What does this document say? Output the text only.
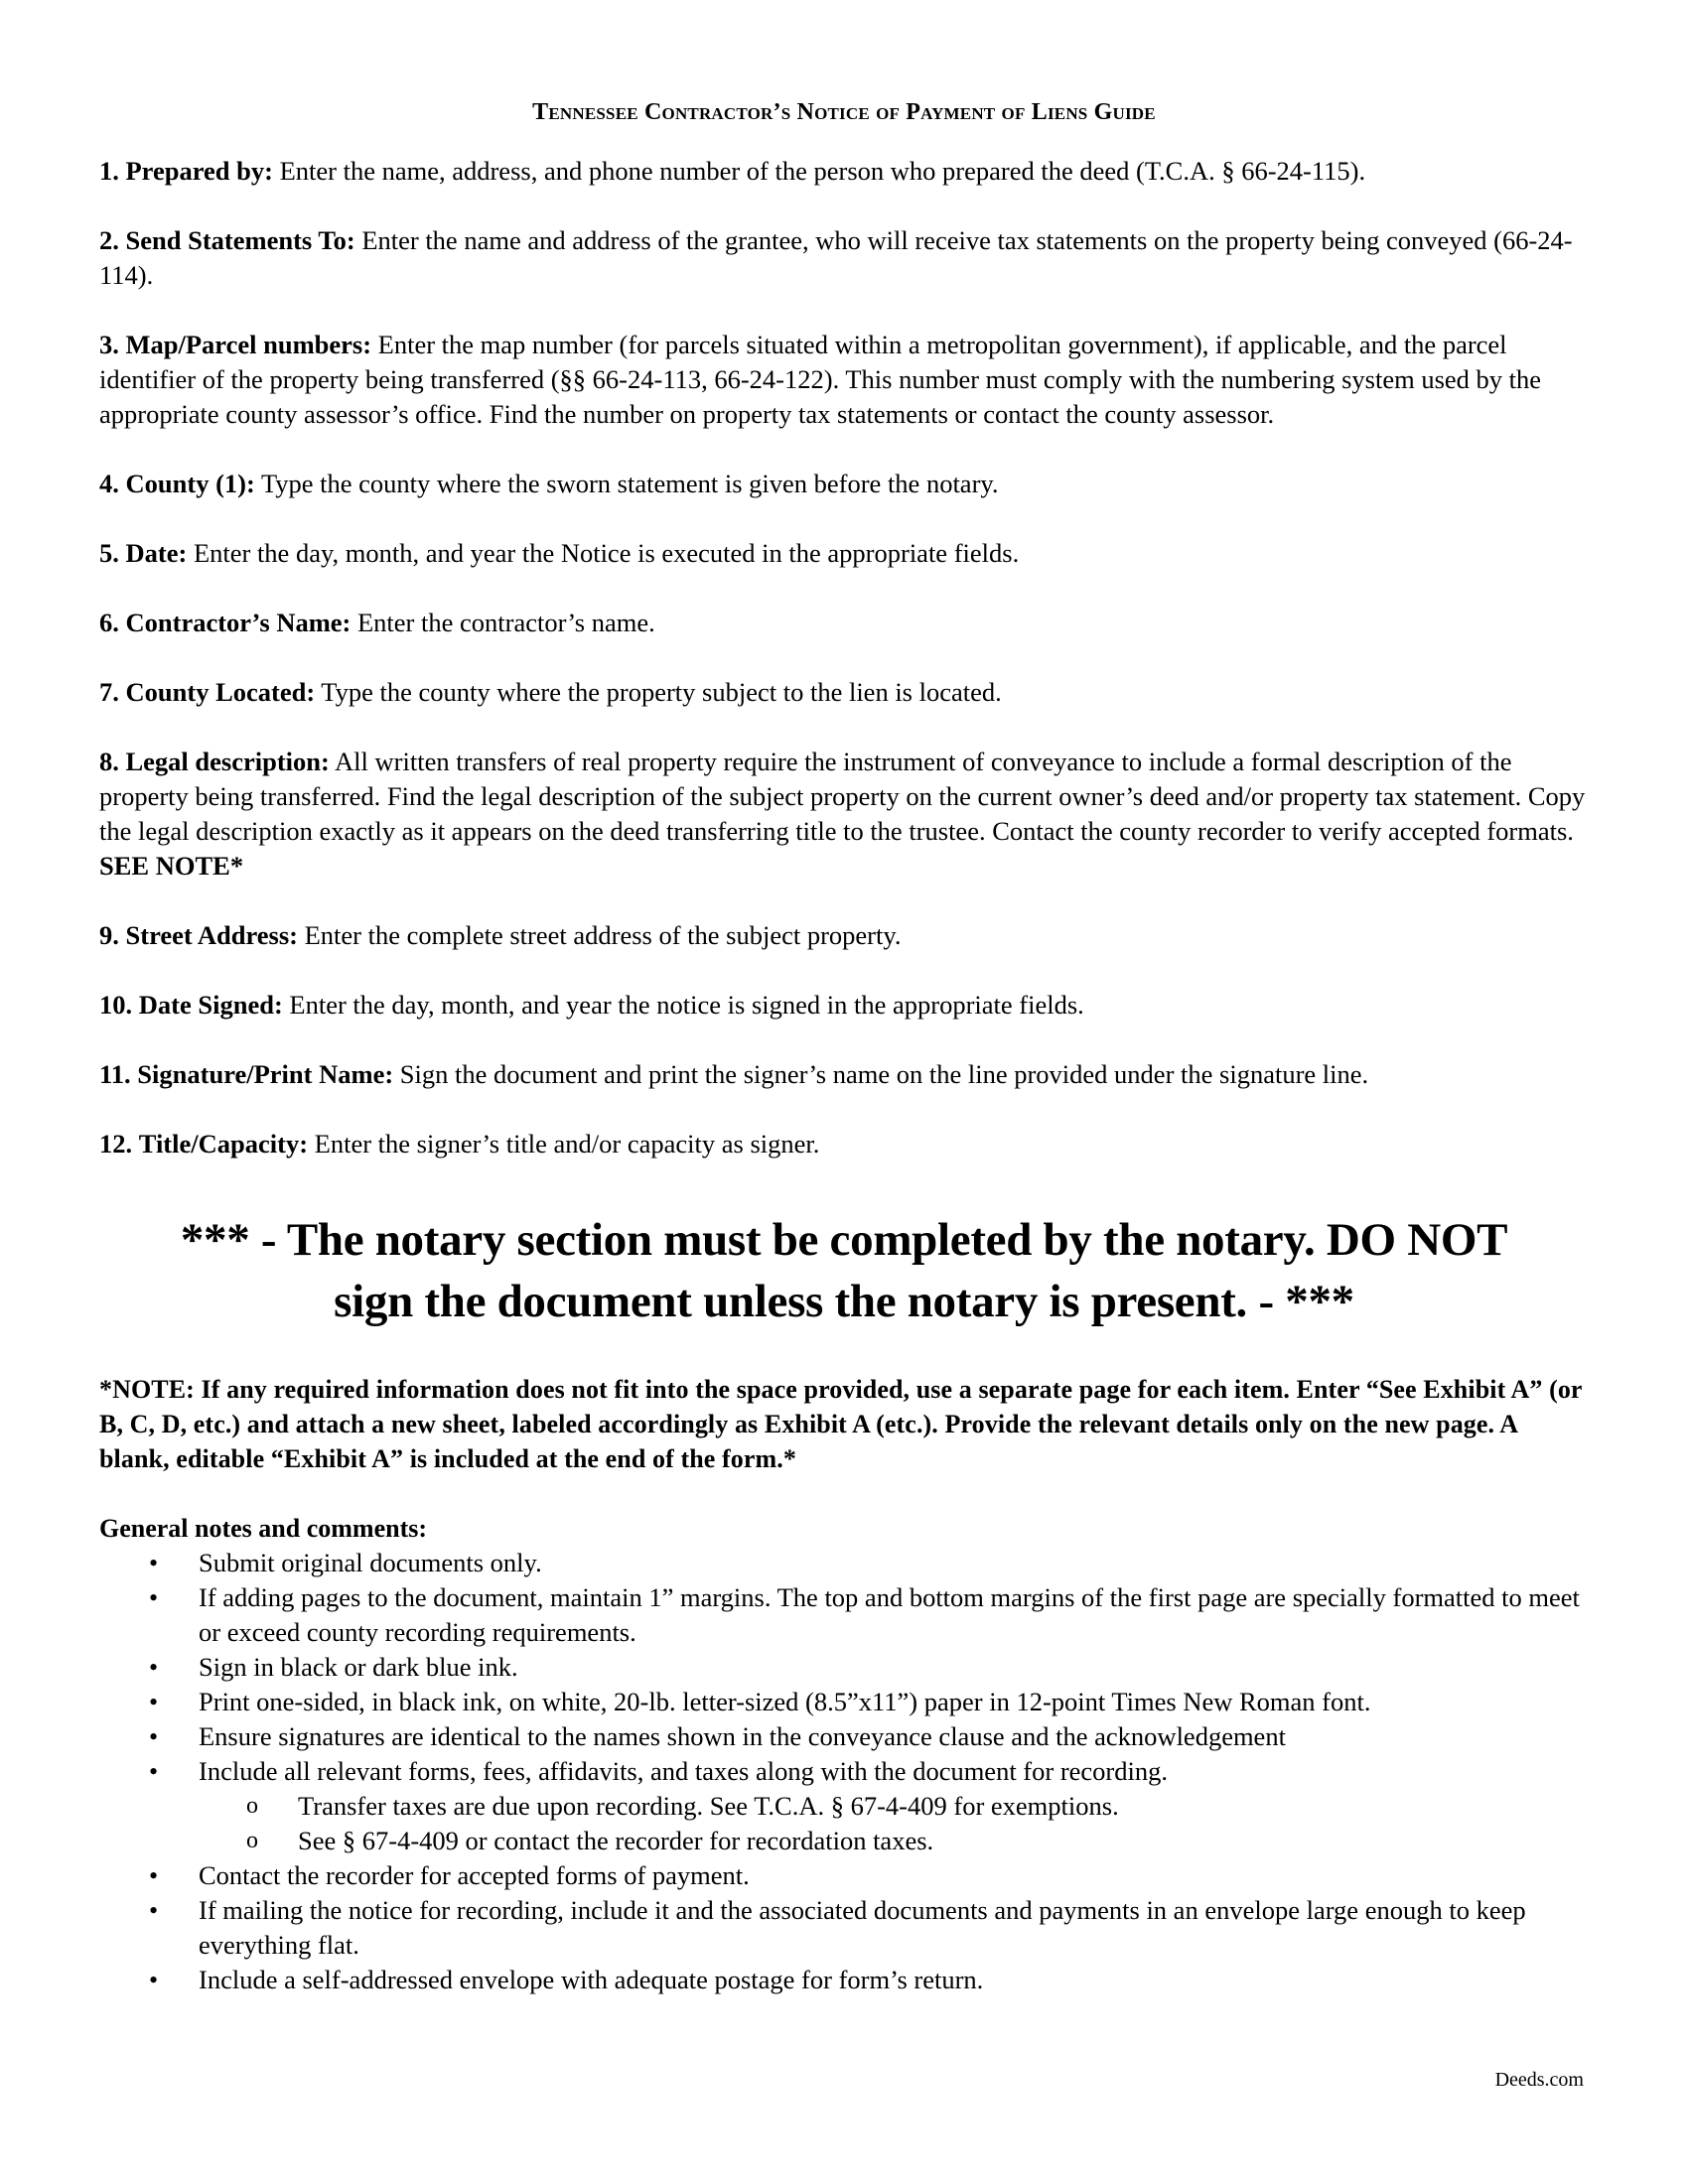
Tennessee Contractor’s Notice of Payment of Liens Guide
1. Prepared by: Enter the name, address, and phone number of the person who prepared the deed (T.C.A. § 66-24-115).
2. Send Statements To: Enter the name and address of the grantee, who will receive tax statements on the property being conveyed (66-24-114).
3. Map/Parcel numbers: Enter the map number (for parcels situated within a metropolitan government), if applicable, and the parcel identifier of the property being transferred (§§ 66-24-113, 66-24-122). This number must comply with the numbering system used by the appropriate county assessor’s office. Find the number on property tax statements or contact the county assessor.
4. County (1): Type the county where the sworn statement is given before the notary.
5. Date: Enter the day, month, and year the Notice is executed in the appropriate fields.
6. Contractor’s Name: Enter the contractor’s name.
7. County Located: Type the county where the property subject to the lien is located.
8. Legal description: All written transfers of real property require the instrument of conveyance to include a formal description of the property being transferred. Find the legal description of the subject property on the current owner’s deed and/or property tax statement. Copy the legal description exactly as it appears on the deed transferring title to the trustee. Contact the county recorder to verify accepted formats. SEE NOTE*
9. Street Address: Enter the complete street address of the subject property.
10. Date Signed: Enter the day, month, and year the notice is signed in the appropriate fields.
11. Signature/Print Name: Sign the document and print the signer’s name on the line provided under the signature line.
12. Title/Capacity: Enter the signer’s title and/or capacity as signer.
*** - The notary section must be completed by the notary. DO NOT
sign the document unless the notary is present. - ***
*NOTE: If any required information does not fit into the space provided, use a separate page for each item. Enter “See Exhibit A” (or B, C, D, etc.) and attach a new sheet, labeled accordingly as Exhibit A (etc.). Provide the relevant details only on the new page. A blank, editable “Exhibit A” is included at the end of the form.*
General notes and comments:
• Submit original documents only.
• If adding pages to the document, maintain 1” margins. The top and bottom margins of the first page are specially formatted to meet or exceed county recording requirements.
• Sign in black or dark blue ink.
• Print one-sided, in black ink, on white, 20-lb. letter-sized (8.5”x11”) paper in 12-point Times New Roman font.
• Ensure signatures are identical to the names shown in the conveyance clause and the acknowledgement
• Include all relevant forms, fees, affidavits, and taxes along with the document for recording.
o Transfer taxes are due upon recording. See T.C.A. § 67-4-409 for exemptions.
o See § 67-4-409 or contact the recorder for recordation taxes.
• Contact the recorder for accepted forms of payment.
• If mailing the notice for recording, include it and the associated documents and payments in an envelope large enough to keep everything flat.
• Include a self-addressed envelope with adequate postage for form’s return.
Deeds.com
